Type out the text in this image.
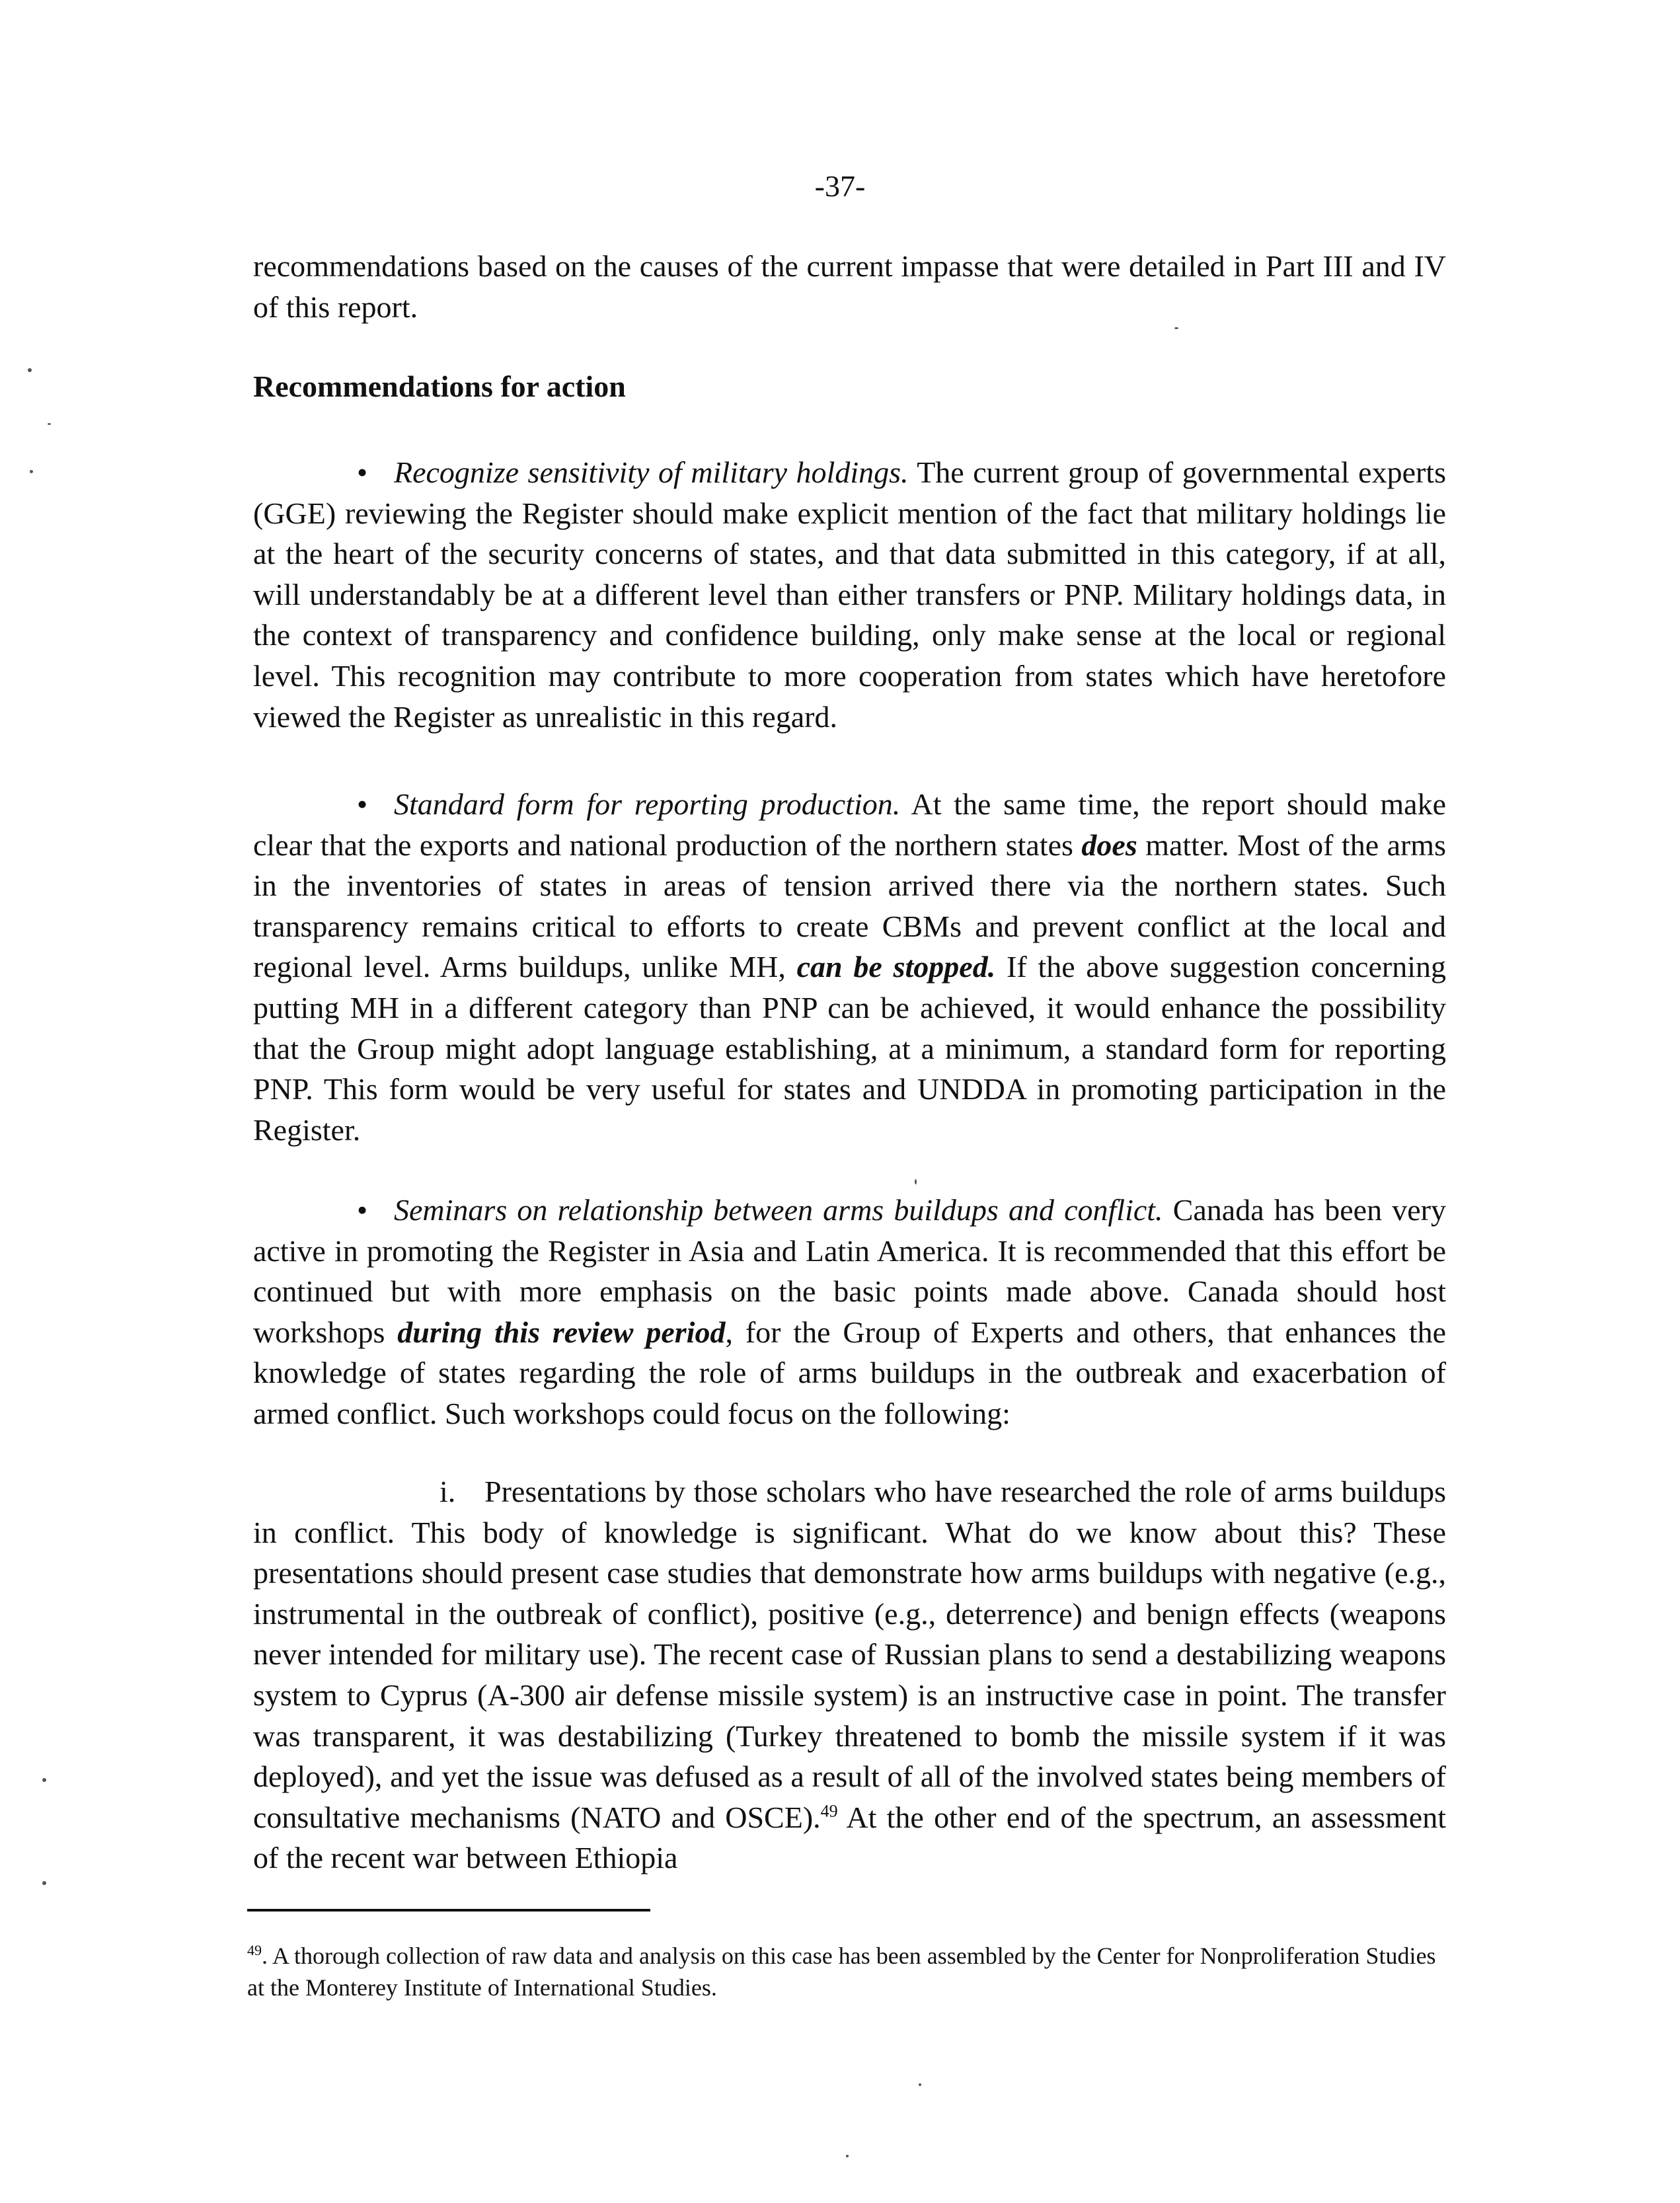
-37-

recommendations based on the causes of the current impasse that were detailed in Part III and IV of this report.

Recommendations for action

• Recognize sensitivity of military holdings. The current group of governmental experts (GGE) reviewing the Register should make explicit mention of the fact that military holdings lie at the heart of the security concerns of states, and that data submitted in this category, if at all, will understandably be at a different level than either transfers or PNP. Military holdings data, in the context of transparency and confidence building, only make sense at the local or regional level. This recognition may contribute to more cooperation from states which have heretofore viewed the Register as unrealistic in this regard.

• Standard form for reporting production. At the same time, the report should make clear that the exports and national production of the northern states does matter. Most of the arms in the inventories of states in areas of tension arrived there via the northern states. Such transparency remains critical to efforts to create CBMs and prevent conflict at the local and regional level. Arms buildups, unlike MH, can be stopped. If the above suggestion concerning putting MH in a different category than PNP can be achieved, it would enhance the possibility that the Group might adopt language establishing, at a minimum, a standard form for reporting PNP. This form would be very useful for states and UNDDA in promoting participation in the Register.

• Seminars on relationship between arms buildups and conflict. Canada has been very active in promoting the Register in Asia and Latin America. It is recommended that this effort be continued but with more emphasis on the basic points made above. Canada should host workshops during this review period, for the Group of Experts and others, that enhances the knowledge of states regarding the role of arms buildups in the outbreak and exacerbation of armed conflict. Such workshops could focus on the following:

i. Presentations by those scholars who have researched the role of arms buildups in conflict. This body of knowledge is significant. What do we know about this? These presentations should present case studies that demonstrate how arms buildups with negative (e.g., instrumental in the outbreak of conflict), positive (e.g., deterrence) and benign effects (weapons never intended for military use). The recent case of Russian plans to send a destabilizing weapons system to Cyprus (A-300 air defense missile system) is an instructive case in point. The transfer was transparent, it was destabilizing (Turkey threatened to bomb the missile system if it was deployed), and yet the issue was defused as a result of all of the involved states being members of consultative mechanisms (NATO and OSCE).$^{49}$ At the other end of the spectrum, an assessment of the recent war between Ethiopia

$^{49}$. A thorough collection of raw data and analysis on this case has been assembled by the Center for Nonproliferation Studies at the Monterey Institute of International Studies.
